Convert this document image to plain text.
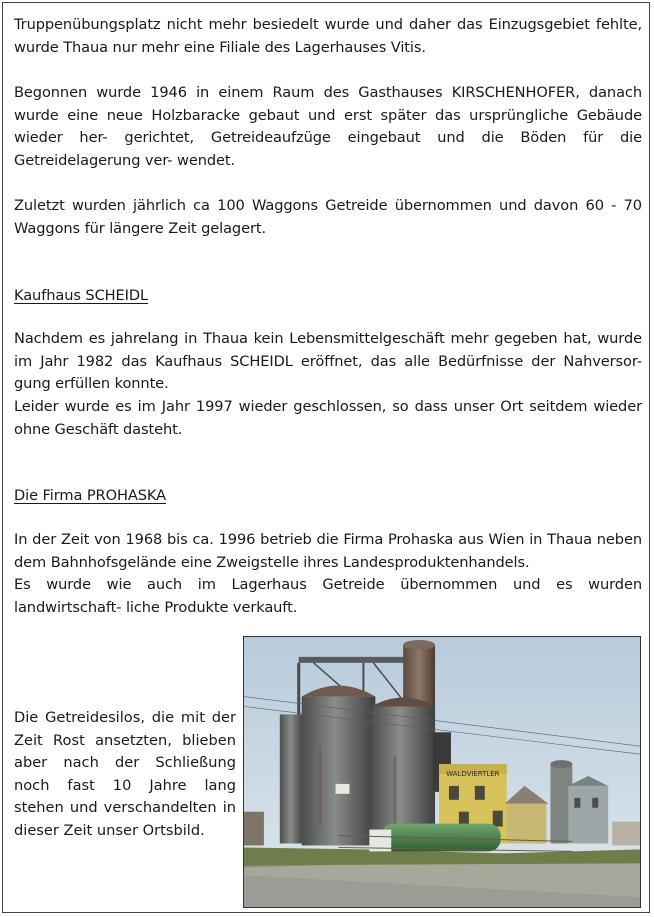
Truppenübungsplatz nicht mehr besiedelt wurde und daher das Einzugsgebiet fehlte, wurde Thaua nur mehr eine Filiale des Lagerhauses Vitis.
Begonnen wurde 1946 in einem Raum des Gasthauses KIRSCHENHOFER, danach wurde eine neue Holzbaracke gebaut und erst später das ursprüngliche Gebäude wieder her- gerichtet, Getreideaufzüge eingebaut und die Böden für die Getreidelagerung ver- wendet.
Zuletzt wurden jährlich ca 100 Waggons Getreide übernommen und davon 60 - 70 Waggons für längere Zeit gelagert.
Kaufhaus SCHEIDL
Nachdem es jahrelang in Thaua kein Lebensmittelgeschäft mehr gegeben hat, wurde im Jahr 1982 das Kaufhaus SCHEIDL eröffnet, das alle Bedürfnisse der Nahversor- gung erfüllen konnte.
Leider wurde es im Jahr 1997 wieder geschlossen, so dass unser Ort seitdem wieder ohne Geschäft dasteht.
Die Firma PROHASKA
In der Zeit von 1968 bis ca. 1996 betrieb die Firma Prohaska aus Wien in Thaua neben dem Bahnhofsgelände eine Zweigstelle ihres Landesproduktenhandels.
Es wurde wie auch im Lagerhaus Getreide übernommen und es wurden landwirtschaft- liche Produkte verkauft.
Die Getreidesilos, die mit der Zeit Rost ansetzten, blieben aber nach der Schließung noch fast 10 Jahre lang stehen und verschandelten in dieser Zeit unser Ortsbild.
WALDVIERTLER
